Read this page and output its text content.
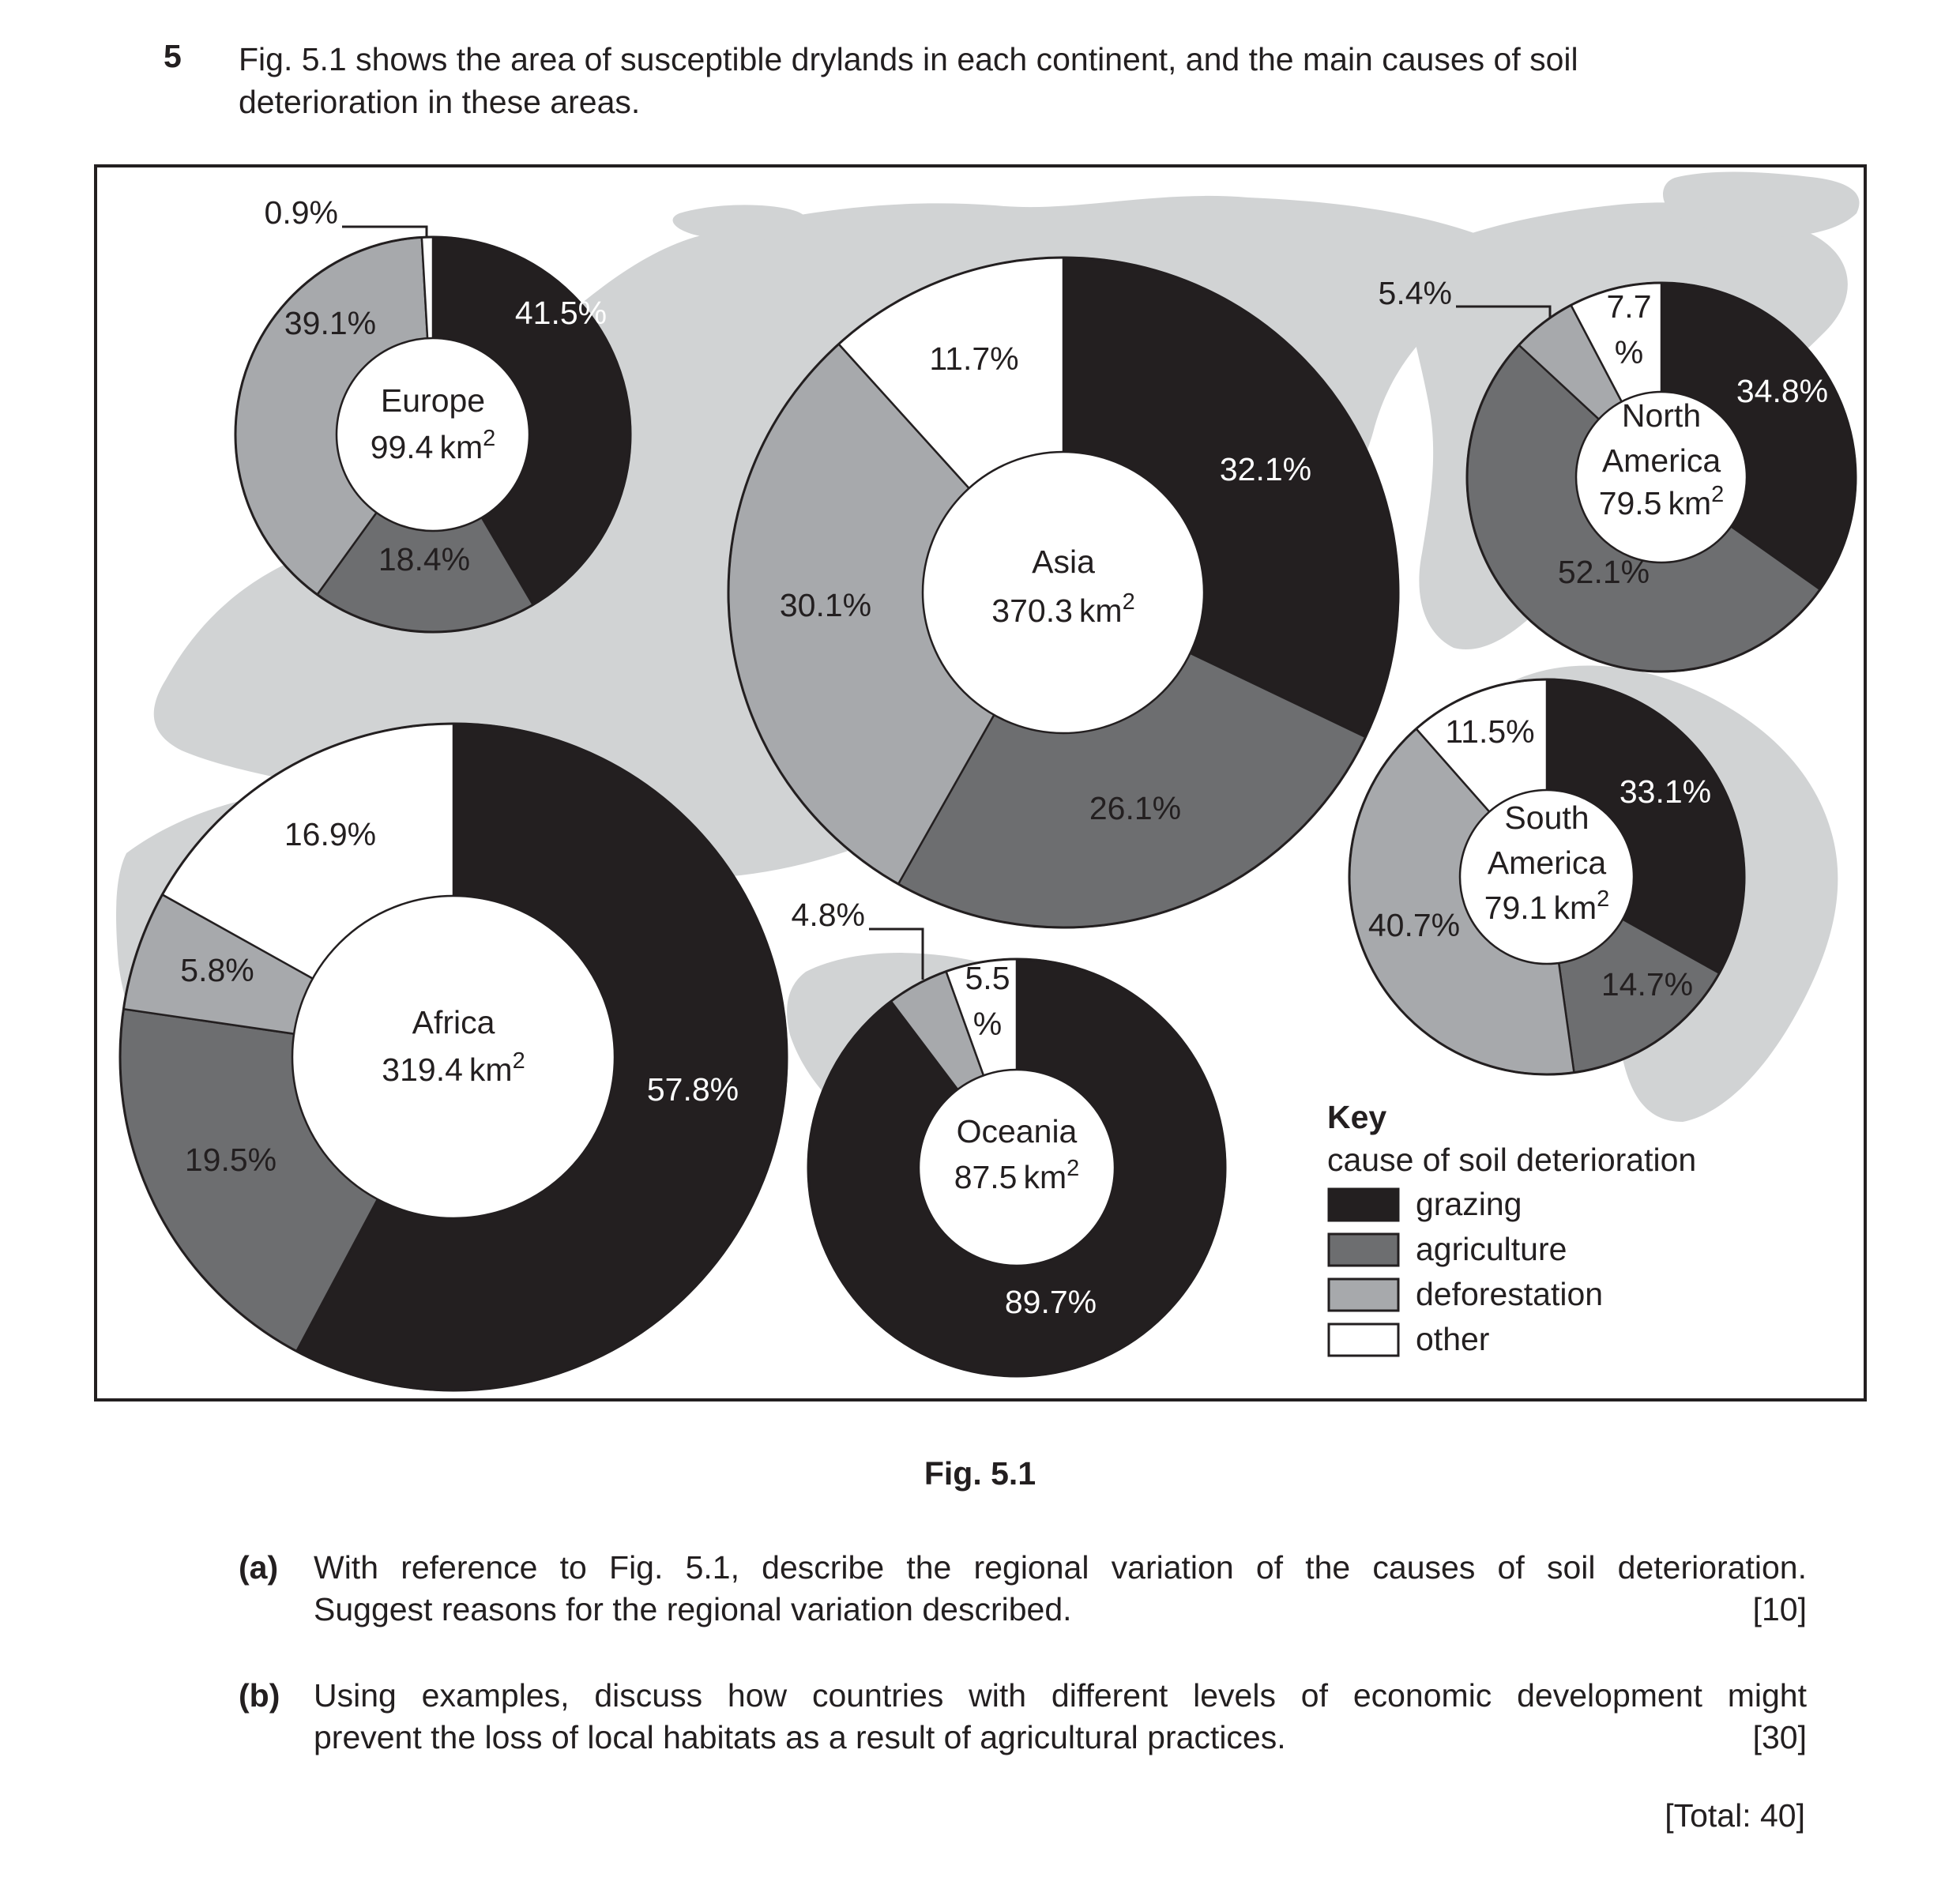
5 Fig. 5.1 shows the area of susceptible drylands in each continent, and the main causes of soil
deterioration in these areas.
Europe
99.4 $km^2$
41.5%
18.4%
39.1%
0.9%
Asia
370.3 $km^2$
32.1%
26.1%
30.1%
11.7%
North
America
79.5 $km^2$
34.8%
52.1%
7.7
%
5.4%
South
America
79.1 $km^2$
33.1%
14.7%
40.7%
11.5%
Africa
319.4 $km^2$
57.8%
19.5%
5.8%
16.9%
Oceania
87.5 $km^2$
89.7%
5.5
%
4.8%
Key
cause of soil deterioration
grazing
agriculture
deforestation
other
Fig. 5.1
(a) With reference to Fig. 5.1, describe the regional variation of the causes of soil deterioration.
Suggest reasons for the regional variation described.	[10]
(b) Using examples, discuss how countries with different levels of economic development might
prevent the loss of local habitats as a result of agricultural practices.	[30]
[Total: 40]
